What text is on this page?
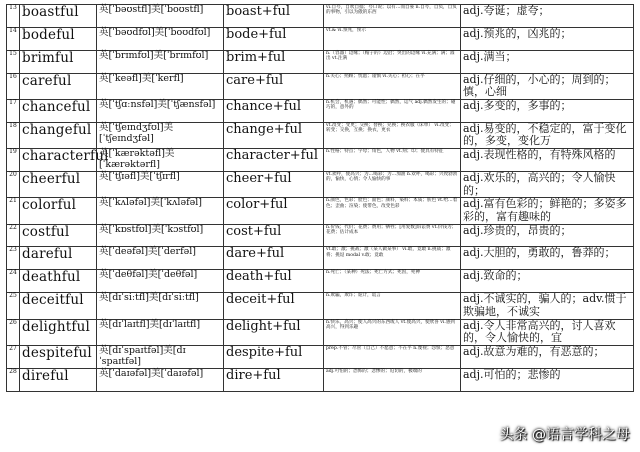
13	boastful	英[ˈbəʊstfl]美[ˈboʊstfl]	boast+ful	vi.自夸，自吹自擂；夸口说；以有…而自豪 n.自夸，自负，自负的事物，引以为傲的东西	adj.夸诞；虚夸；
14	bodeful	英[ˈbəʊdfʊl]美[ˈboʊdfʊl]	bode+ful	vt.& vi.预兆，预示	adj.预兆的，凶兆的；
15	brimful	英[ˈbrɪmfʊl]美[ˈbrɪmfʊl]	brim+ful	n.（容器）边缘；（帽子的）边沿；突出的边缘 vi.充满；满；溢出 vt.注满	adj.满当；
16	careful	英[ˈkeəfl]美[ˈkerfl]	care+ful	n.关心；照顾；忧虑；谨慎 vi.关心；担心；在乎	adj.仔细的，小心的；周到的；慎，心细
17	chanceful	英[ˈtʃɑːnsfəl]美[ˈtʃænsfəl]	chance+ful	n.机会，机遇；偶然；可能性；偶然，运气 adj.偶然发生的；碰巧的，意外的	adj.多变的，多事的；
18	changeful	英[ˈtʃeɪndʒfʊl]美[ˈtʃeɪndʒfəl]	change+ful	vt.改变；变更；交换；替换；兑换；换衣服（床单） vi.改变；转变；交换，互换；换衣，更衣	adj.易变的，不稳定的，富于变化的，多变，变化万
19	characterful	英[ˈkærəktəfl]美[ˈkærəktərfl]	character+ful	n.性格；特点；字母；角色，人物 vt.刻；印；使具有特征	adj.表现性格的，有特殊风格的
20	cheerful	英[ˈtʃɪəfl]美[ˈtʃɪrfl]	cheer+ful	vt.欢呼，使高兴；为…喝彩；为…加油 n.欢呼，喝彩；兴致勃勃的，愉快，心情；令人愉快的事	adj.欢乐的，高兴的；令人愉快的；
21	colorful	英[ˈkʌləfəl]美[ˈkʌləfəl]	color+ful	n.颜色，色彩；脸色；面色；颜料，染料；本质；肤色 vt.给…着色；歪曲；渲染；使带色，改变色彩	adj.富有色彩的；鲜艳的；多姿多彩的，富有趣味的
22	costful	英[ˈkɒstfʊl]美[ˈkɔstfʊl]	cost+ful	n.价钱；代价；花费；费用；牺牲；[用复数]诉讼费 vt.价钱为；花费；估计成本	adj.珍贵的，昂贵的；
23	dareful	英[ˈdeəfəl]美[ˈderfəl]	dare+ful	vt.敢；激；挑战；激（某人做某事） vi.敢，竟敢 n.挑战；激将；挑逗 modal v.敢；竟敢	adj.大胆的，勇敢的，鲁莽的；
24	deathful	英[ˈdeθfəl]美[ˈdeθfəl]	death+ful	n.死亡；（某种）死法；死亡方式；死因，死神	adj.致命的；
25	deceitful	英[dɪˈsiːtfl]美[dɪˈsiːtfl]	deceit+ful	n.欺骗，欺诈；诡计，谎言	adj.不诚实的，骗人的；adv.惯于欺骗地，不诚实
26	delightful	英[dɪˈlaɪtfl]美[dɪˈlaɪtfl]	delight+ful	n.快乐，高兴；使人高兴的东西或人 vt.使高兴，使欣喜 vi.感到高兴，得到乐趣	adj.令人非常高兴的，讨人喜欢的，令人愉快的，宜
27	despiteful	英[dɪˈspaɪtfəl]美[dɪˈspaɪtfəl]	despite+ful	prep.不管；尽管（自己）不愿意；不在乎 n.蔑视；怨恨；恶意	adj.故意为难的，有恶意的；
28	direful	英[ˈdaɪəfəl]美[ˈdaɪəfəl]	dire+ful	adj.可怕的；恐怖的；悲惨的；迫切的，极端的	adj.可怕的；悲惨的
头条 @语言学科之母
